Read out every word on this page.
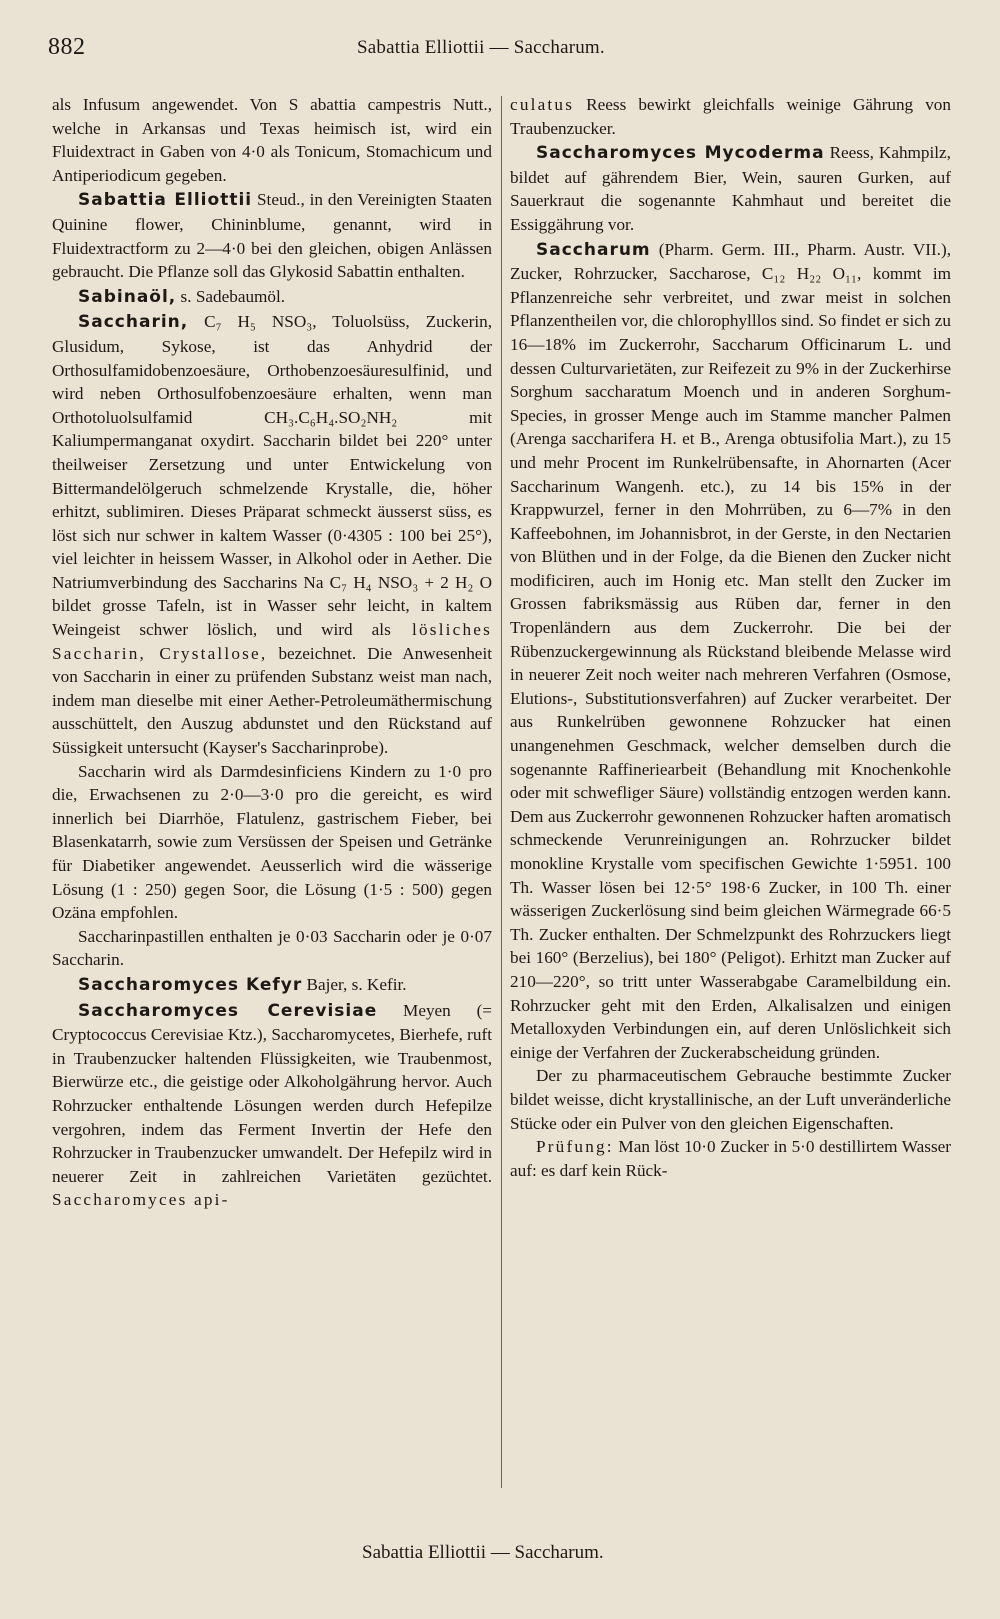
882	Sabattia Elliottii — Saccharum.

als Infusum angewendet. Von S abattia campestris Nutt., welche in Arkansas und Texas heimisch ist, wird ein Fluidextract in Gaben von 4·0 als Tonicum, Stomachicum und Antiperiodicum gegeben.

Sabattia Elliottii Steud., in den Vereinigten Staaten Quinine flower, Chininblume, genannt, wird in Fluidextractform zu 2—4·0 bei den gleichen, obigen Anlässen gebraucht. Die Pflanze soll das Glykosid Sabattin enthalten.

Sabinaöl, s. Sadebaumöl.

Saccharin, C₇ H₅ NSO₃, Toluolsüss, Zuckerin, Glusidum, Sykose, ist das Anhydrid der Orthosulfamidobenzoesäure, Orthobenzoesäuresulfinid, und wird neben Orthosulfobenzoesäure erhalten, wenn man Orthotoluolsulfamid CH₃.C₆H₄.SO₂NH₂ mit Kaliumpermanganat oxydirt. Saccharin bildet bei 220° unter theilweiser Zersetzung und unter Entwickelung von Bittermandelölgeruch schmelzende Krystalle, die, höher erhitzt, sublimiren. Dieses Präparat schmeckt äusserst süss, es löst sich nur schwer in kaltem Wasser (0·4305 : 100 bei 25°), viel leichter in heissem Wasser, in Alkohol oder in Aether. Die Natriumverbindung des Saccharins Na C₇ H₄ NSO₃ + 2 H₂ O bildet grosse Tafeln, ist in Wasser sehr leicht, in kaltem Weingeist schwer löslich, und wird als lösliches Saccharin, Crystallose, bezeichnet. Die Anwesenheit von Saccharin in einer zu prüfenden Substanz weist man nach, indem man dieselbe mit einer Aether-Petroleumäthermischung ausschüttelt, den Auszug abdunstet und den Rückstand auf Süssigkeit untersucht (Kayser's Saccharinprobe).

Saccharin wird als Darmdesinficiens Kindern zu 1·0 pro die, Erwachsenen zu 2·0—3·0 pro die gereicht, es wird innerlich bei Diarrhöe, Flatulenz, gastrischem Fieber, bei Blasenkatarrh, sowie zum Versüssen der Speisen und Getränke für Diabetiker angewendet. Aeusserlich wird die wässerige Lösung (1 : 250) gegen Soor, die Lösung (1·5 : 500) gegen Ozäna empfohlen.

Saccharinpastillen enthalten je 0·03 Saccharin oder je 0·07 Saccharin.

Saccharomyces Kefyr Bajer, s. Kefir.

Saccharomyces Cerevisiae Meyen (= Cryptococcus Cerevisiae Ktz.), Saccharomycetes, Bierhefe, ruft in Traubenzucker haltenden Flüssigkeiten, wie Traubenmost, Bierwürze etc., die geistige oder Alkoholgährung hervor. Auch Rohrzucker enthaltende Lösungen werden durch Hefepilze vergohren, indem das Ferment Invertin der Hefe den Rohrzucker in Traubenzucker umwandelt. Der Hefepilz wird in neuerer Zeit in zahlreichen Varietäten gezüchtet. Saccharomyces api-

culatus Reess bewirkt gleichfalls weinige Gährung von Traubenzucker.

Saccharomyces Mycoderma Reess, Kahmpilz, bildet auf gährendem Bier, Wein, sauren Gurken, auf Sauerkraut die sogenannte Kahmhaut und bereitet die Essiggährung vor.

Saccharum (Pharm. Germ. III., Pharm. Austr. VII.), Zucker, Rohrzucker, Saccharose, C₁₂ H₂₂ O₁₁, kommt im Pflanzenreiche sehr verbreitet, und zwar meist in solchen Pflanzentheilen vor, die chlorophylllos sind. So findet er sich zu 16—18% im Zuckerrohr, Saccharum Officinarum L. und dessen Culturvarietäten, zur Reifezeit zu 9% in der Zuckerhirse Sorghum saccharatum Moench und in anderen Sorghum-Species, in grosser Menge auch im Stamme mancher Palmen (Arenga saccharifera H. et B., Arenga obtusifolia Mart.), zu 15 und mehr Procent im Runkelrübensafte, in Ahornarten (Acer Saccharinum Wangenh. etc.), zu 14 bis 15% in der Krappwurzel, ferner in den Mohrrüben, zu 6—7% in den Kaffeebohnen, im Johannisbrot, in der Gerste, in den Nectarien von Blüthen und in der Folge, da die Bienen den Zucker nicht modificiren, auch im Honig etc. Man stellt den Zucker im Grossen fabriksmässig aus Rüben dar, ferner in den Tropenländern aus dem Zuckerrohr. Die bei der Rübenzuckergewinnung als Rückstand bleibende Melasse wird in neuerer Zeit noch weiter nach mehreren Verfahren (Osmose, Elutions-, Substitutionsverfahren) auf Zucker verarbeitet. Der aus Runkelrüben gewonnene Rohzucker hat einen unangenehmen Geschmack, welcher demselben durch die sogenannte Raffineriearbeit (Behandlung mit Knochenkohle oder mit schwefliger Säure) vollständig entzogen werden kann. Dem aus Zuckerrohr gewonnenen Rohzucker haften aromatisch schmeckende Verunreinigungen an. Rohrzucker bildet monokline Krystalle vom specifischen Gewichte 1·5951. 100 Th. Wasser lösen bei 12·5° 198·6 Zucker, in 100 Th. einer wässerigen Zuckerlösung sind beim gleichen Wärmegrade 66·5 Th. Zucker enthalten. Der Schmelzpunkt des Rohrzuckers liegt bei 160° (Berzelius), bei 180° (Peligot). Erhitzt man Zucker auf 210—220°, so tritt unter Wasserabgabe Caramelbildung ein. Rohrzucker geht mit den Erden, Alkalisalzen und einigen Metalloxyden Verbindungen ein, auf deren Unlöslichkeit sich einige der Verfahren der Zuckerabscheidung gründen.

Der zu pharmaceutischem Gebrauche bestimmte Zucker bildet weisse, dicht krystallinische, an der Luft unveränderliche Stücke oder ein Pulver von den gleichen Eigenschaften.

Prüfung: Man löst 10·0 Zucker in 5·0 destillirtem Wasser auf: es darf kein Rück-

Sabattia Elliottii — Saccharum.
